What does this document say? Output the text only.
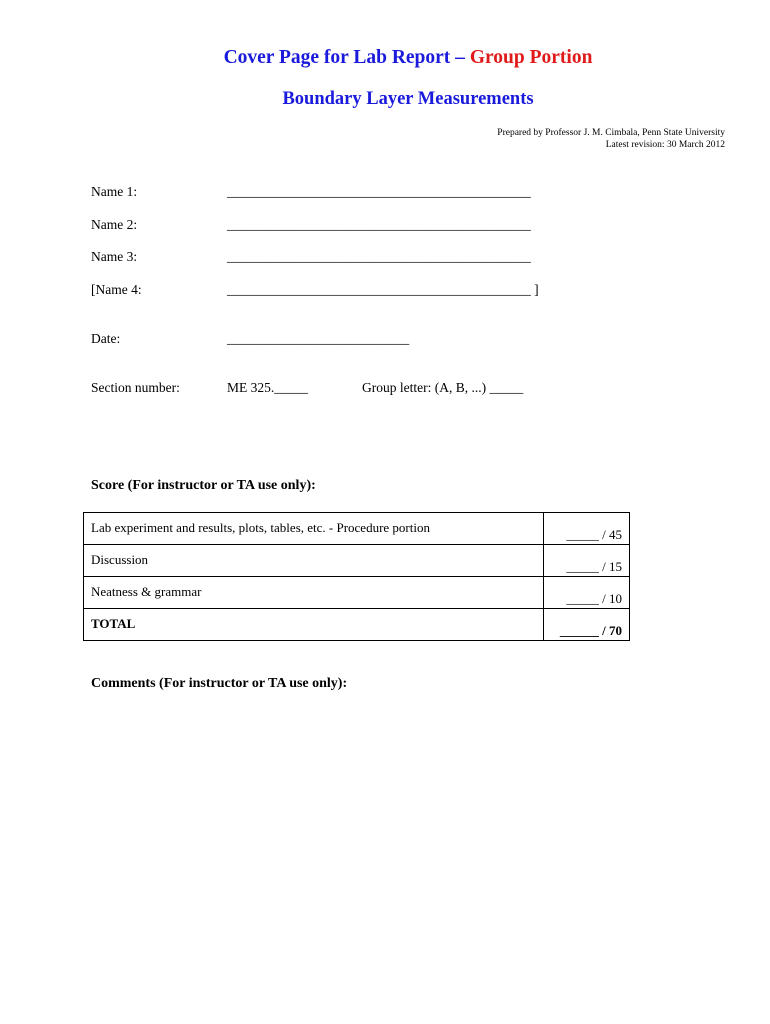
Cover Page for Lab Report – Group Portion
Boundary Layer Measurements
Prepared by Professor J. M. Cimbala, Penn State University
Latest revision: 30 March 2012
Name 1:	_____________________________________________
Name 2:	_____________________________________________
Name 3:	_____________________________________________
[Name 4:	_____________________________________________ ]
Date:	___________________________
Section number:	ME 325._____	Group letter: (A, B, ...) _____
Score (For instructor or TA use only):
Lab experiment and results, plots, tables, etc. - Procedure portion	_____ / 45
Discussion	_____ / 15
Neatness & grammar	_____ / 10
TOTAL	______ / 70
Comments (For instructor or TA use only):
